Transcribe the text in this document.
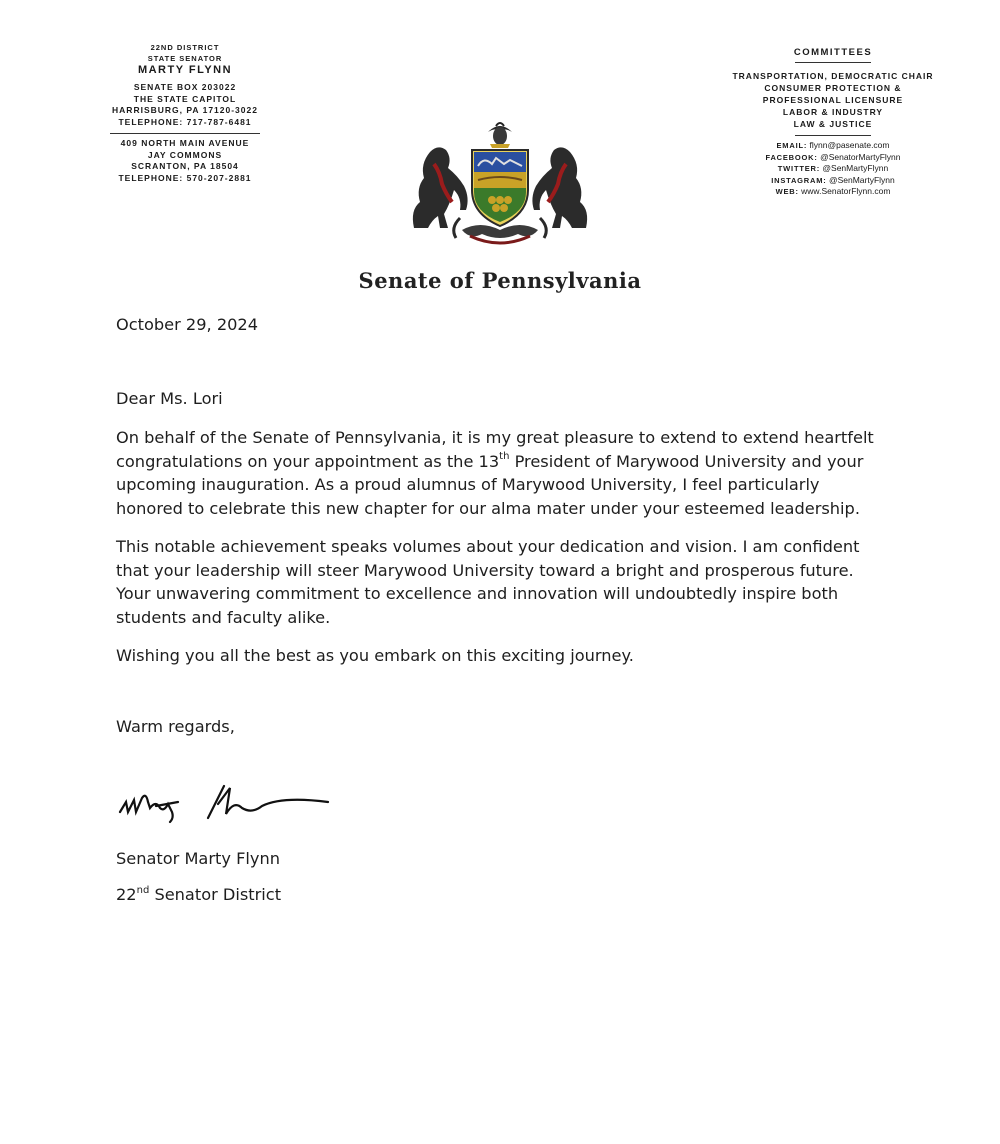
22ND DISTRICT
STATE SENATOR
MARTY FLYNN
SENATE BOX 203022
THE STATE CAPITOL
HARRISBURG, PA 17120-3022
TELEPHONE: 717-787-6481
409 NORTH MAIN AVENUE
JAY COMMONS
SCRANTON, PA 18504
TELEPHONE: 570-207-2881
COMMITTEES
TRANSPORTATION, DEMOCRATIC CHAIR
CONSUMER PROTECTION &
PROFESSIONAL LICENSURE
LABOR & INDUSTRY
LAW & JUSTICE
EMAIL: flynn@pasenate.com
FACEBOOK: @SenatorMartyFlynn
TWITTER: @SenMartyFlynn
INSTAGRAM: @SenMartyFlynn
WEB: www.SenatorFlynn.com
Senate of Pennsylvania

October 29, 2024

Dear Ms. Lori

On behalf of the Senate of Pennsylvania, it is my great pleasure to extend to extend heartfelt congratulations on your appointment as the 13th President of Marywood University and your upcoming inauguration. As a proud alumnus of Marywood University, I feel particularly honored to celebrate this new chapter for our alma mater under your esteemed leadership.

This notable achievement speaks volumes about your dedication and vision. I am confident that your leadership will steer Marywood University toward a bright and prosperous future. Your unwavering commitment to excellence and innovation will undoubtedly inspire both students and faculty alike.

Wishing you all the best as you embark on this exciting journey.

Warm regards,

Senator Marty Flynn

22nd Senator District
